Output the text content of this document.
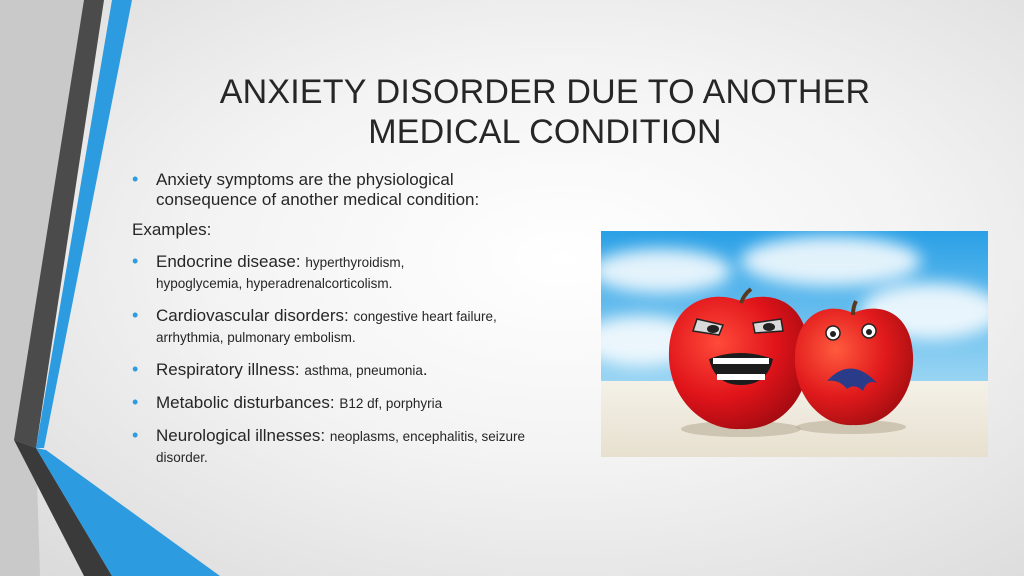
ANXIETY DISORDER DUE TO ANOTHER MEDICAL CONDITION
• Anxiety symptoms are the physiological consequence of another medical condition:
Examples:
• Endocrine disease: hyperthyroidism, hypoglycemia, hyperadrenalcorticolism.
• Cardiovascular disorders: congestive heart failure, arrhythmia, pulmonary embolism.
• Respiratory illness: asthma, pneumonia.
• Metabolic disturbances: B12 df, porphyria
• Neurological illnesses: neoplasms, encephalitis, seizure disorder.
